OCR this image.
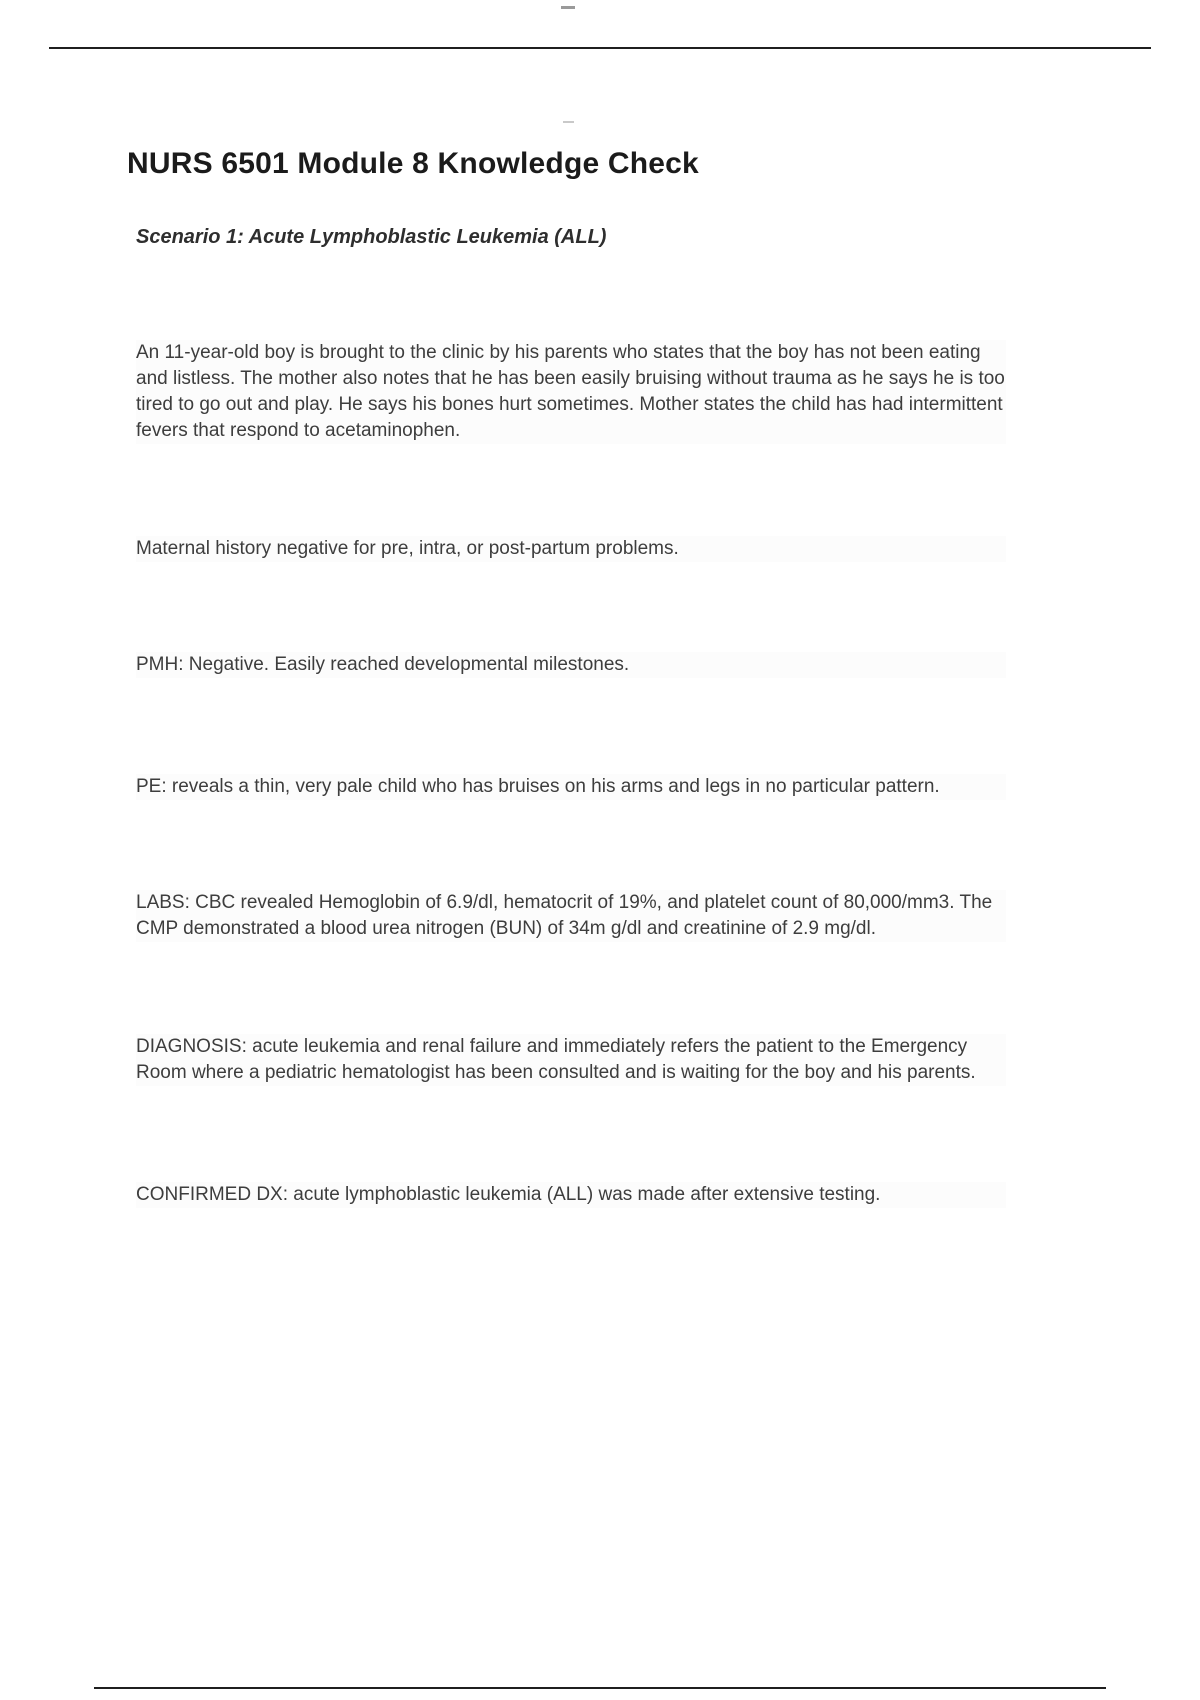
NURS 6501 Module 8 Knowledge Check
Scenario 1: Acute Lymphoblastic Leukemia (ALL)

An 11-year-old boy is brought to the clinic by his parents who states that the boy has not been eating and listless. The mother also notes that he has been easily bruising without trauma as he says he is too tired to go out and play. He says his bones hurt sometimes. Mother states the child has had intermittent fevers that respond to acetaminophen.

Maternal history negative for pre, intra, or post-partum problems.

PMH: Negative. Easily reached developmental milestones.

PE: reveals a thin, very pale child who has bruises on his arms and legs in no particular pattern.

LABS: CBC revealed Hemoglobin of 6.9/dl, hematocrit of 19%, and platelet count of 80,000/mm3. The CMP demonstrated a blood urea nitrogen (BUN) of 34m g/dl and creatinine of 2.9 mg/dl.

DIAGNOSIS: acute leukemia and renal failure and immediately refers the patient to the Emergency Room where a pediatric hematologist has been consulted and is waiting for the boy and his parents.

CONFIRMED DX: acute lymphoblastic leukemia (ALL) was made after extensive testing.
